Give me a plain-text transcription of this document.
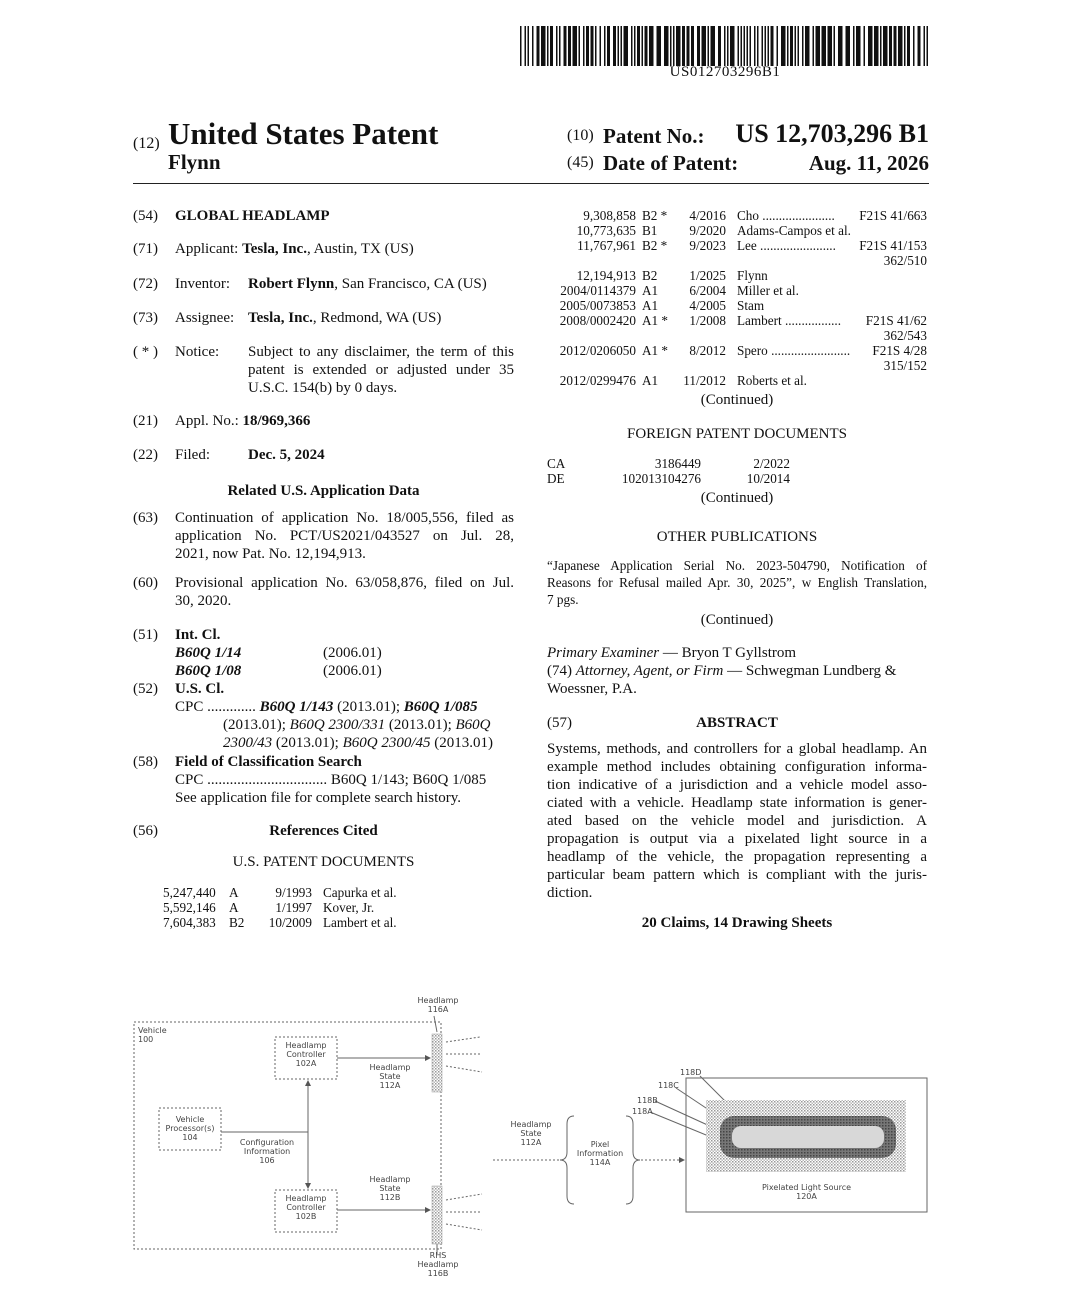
US012703296B1
(12) United States Patent
Flynn
(10) Patent No.:	US 12,703,296 B1
(45) Date of Patent:	Aug. 11, 2026
(54) GLOBAL HEADLAMP
(71) Applicant: Tesla, Inc., Austin, TX (US)
(72) Inventor: Robert Flynn, San Francisco, CA (US)
(73) Assignee: Tesla, Inc., Redmond, WA (US)
( * ) Notice: Subject to any disclaimer, the term of this
patent is extended or adjusted under 35
U.S.C. 154(b) by 0 days.
(21) Appl. No.: 18/969,366
(22) Filed:	Dec. 5, 2024
Related U.S. Application Data
(63) Continuation of application No. 18/005,556, filed as
application No. PCT/US2021/043527 on Jul. 28,
2021, now Pat. No. 12,194,913.
(60) Provisional application No. 63/058,876, filed on Jul.
30, 2020.
(51) Int. Cl.
B60Q 1/14	(2006.01)
B60Q 1/08	(2006.01)
(52) U.S. Cl.
CPC ............. B60Q 1/143 (2013.01); B60Q 1/085
(2013.01); B60Q 2300/331 (2013.01); B60Q
2300/43 (2013.01); B60Q 2300/45 (2013.01)
(58) Field of Classification Search
CPC ................................ B60Q 1/143; B60Q 1/085
See application file for complete search history.
(56)	References Cited
U.S. PATENT DOCUMENTS
5,247,440 A	9/1993 Capurka et al.
5,592,146 A	1/1997 Kover, Jr.
7,604,383 B2	10/2009 Lambert et al.
9,308,858 B2 *	4/2016 Cho ......................	F21S 41/663
10,773,635 B1	9/2020 Adams-Campos et al.
11,767,961 B2 *	9/2023 Lee .......................	F21S 41/153
362/510
12,194,913 B2	1/2025 Flynn
2004/0114379 A1	6/2004 Miller et al.
2005/0073853 A1	4/2005 Stam
2008/0002420 A1 *	1/2008 Lambert .................	F21S 41/62
362/543
2012/0206050 A1 *	8/2012 Spero ........................	F21S 4/28
315/152
2012/0299476 A1	11/2012 Roberts et al.
(Continued)
FOREIGN PATENT DOCUMENTS
CA	3186449	2/2022
DE	102013104276	10/2014
(Continued)
OTHER PUBLICATIONS
“Japanese Application Serial No. 2023-504790, Notification of
Reasons for Refusal mailed Apr. 30, 2025”, w English Translation,
7 pgs.
(Continued)
Primary Examiner — Bryon T Gyllstrom
(74) Attorney, Agent, or Firm — Schwegman Lundberg &
Woessner, P.A.
(57)	ABSTRACT
Systems, methods, and controllers for a global headlamp. An
example method includes obtaining configuration informa-
tion indicative of a jurisdiction and a vehicle model asso-
ciated with a vehicle. Headlamp state information is gener-
ated based on the vehicle model and jurisdiction. A
propagation is output via a pixelated light source in a
headlamp of the vehicle, the propagation representing a
particular beam pattern which is compliant with the juris-
diction.
20 Claims, 14 Drawing Sheets
Headlamp
116A
Vehicle
100
Headlamp
Controller
102A	Headlamp
State
112A
Vehicle
Processor(s)
104
Configuration
Information
106
Headlamp
State
112B
Headlamp
Controller
102B
RHS
Headlamp
116B
Headlamp
State
112A	Pixel
Information
114A
118D
118C
118B
118A
Pixelated Light Source
120A
